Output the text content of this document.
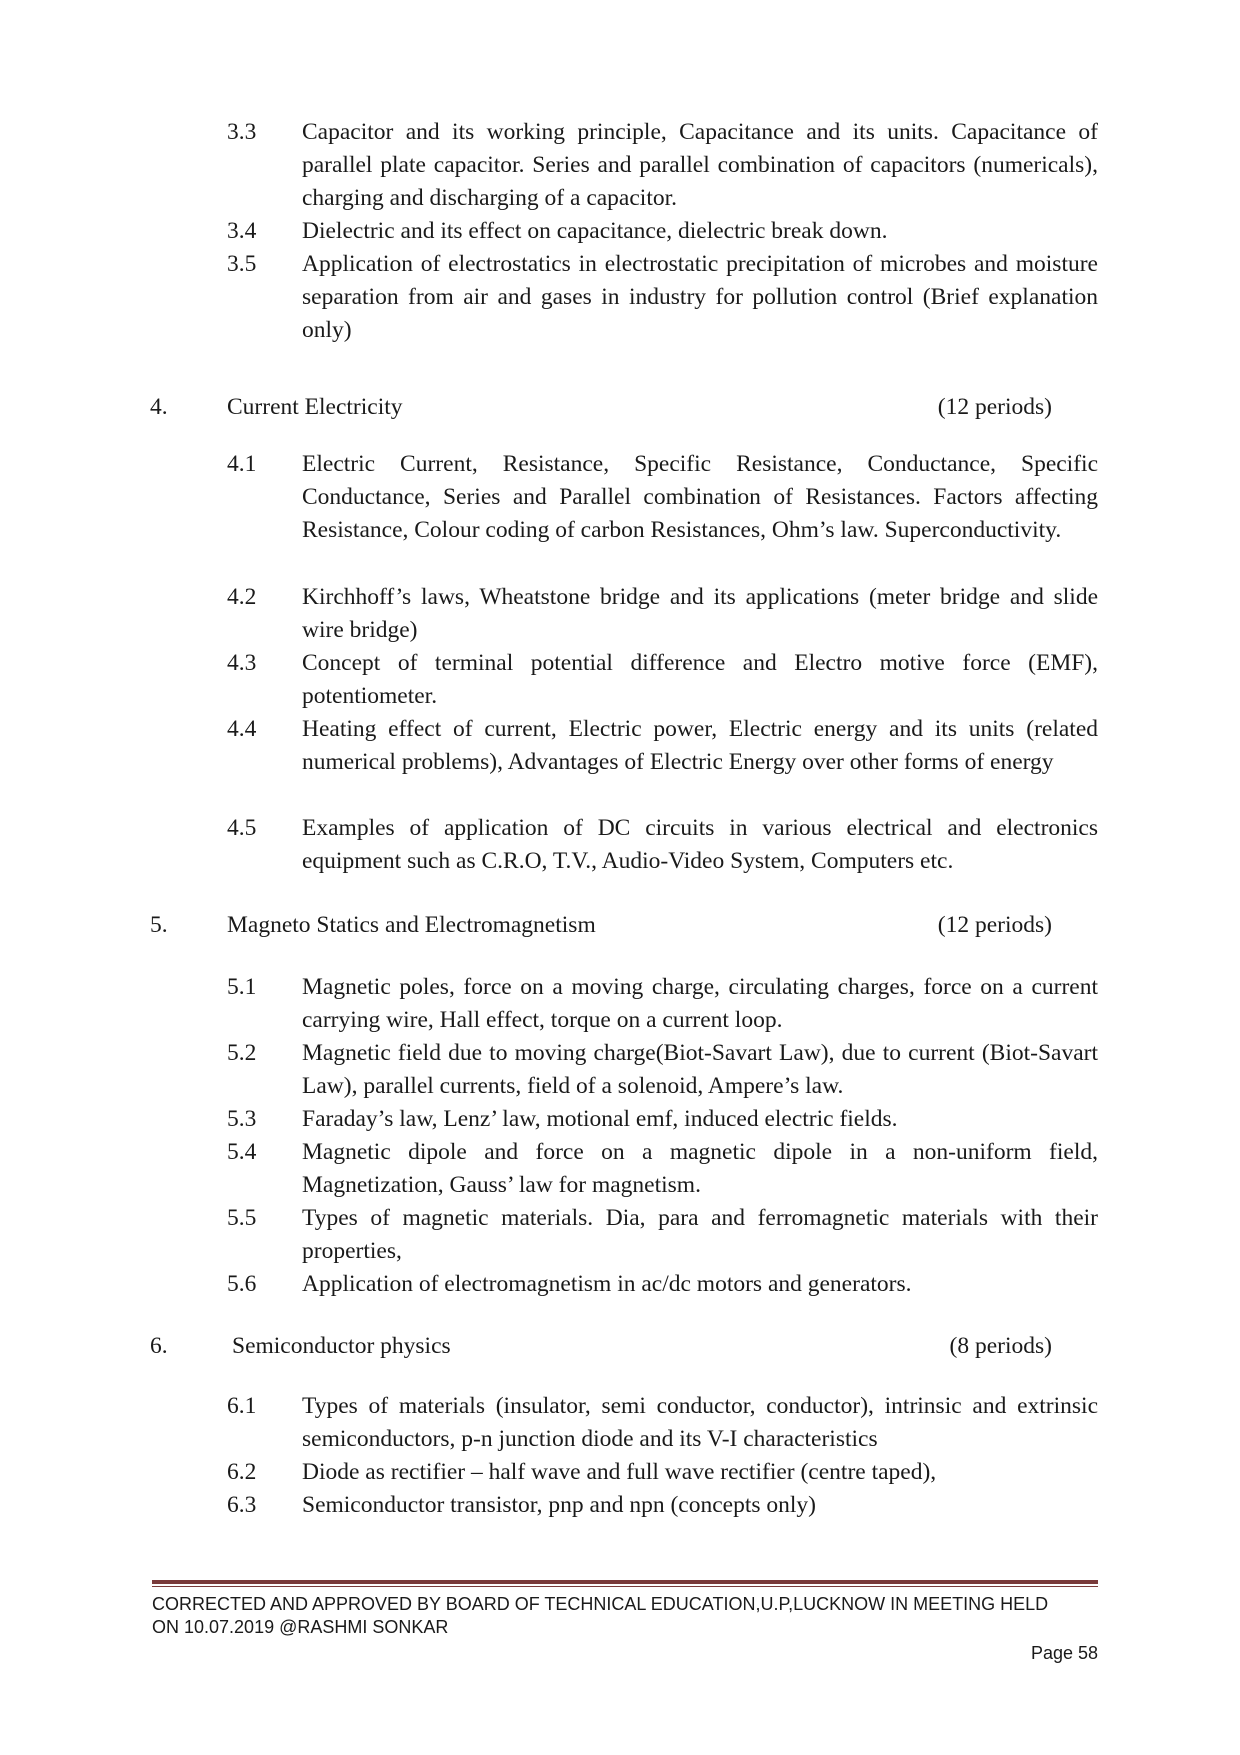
3.3	Capacitor and its working principle, Capacitance and its units. Capacitance of parallel plate capacitor. Series and parallel combination of capacitors (numericals), charging and discharging of a capacitor.
3.4	Dielectric and its effect on capacitance, dielectric break down.
3.5	Application of electrostatics in electrostatic precipitation of microbes and moisture separation from air and gases in industry for pollution control (Brief explanation only)
4.	Current Electricity	(12 periods)
4.1	Electric Current, Resistance, Specific Resistance, Conductance, Specific Conductance, Series and Parallel combination of Resistances. Factors affecting Resistance, Colour coding of carbon Resistances, Ohm’s law. Superconductivity.
4.2	Kirchhoff’s laws, Wheatstone bridge and its applications (meter bridge and slide wire bridge)
4.3	Concept of terminal potential difference and Electro motive force (EMF), potentiometer.
4.4	Heating effect of current, Electric power, Electric energy and its units (related numerical problems), Advantages of Electric Energy over other forms of energy
4.5	Examples of application of DC circuits in various electrical and electronics equipment such as C.R.O, T.V., Audio-Video System, Computers etc.
5.	Magneto Statics and Electromagnetism	(12 periods)
5.1	Magnetic poles, force on a moving charge, circulating charges, force on a current carrying wire, Hall effect, torque on a current loop.
5.2	Magnetic field due to moving charge(Biot-Savart Law), due to current (Biot-Savart Law), parallel currents, field of a solenoid, Ampere’s law.
5.3	Faraday’s law, Lenz’ law, motional emf, induced electric fields.
5.4	Magnetic dipole and force on a magnetic dipole in a non-uniform field, Magnetization, Gauss’ law for magnetism.
5.5	Types of magnetic materials. Dia, para and ferromagnetic materials with their properties,
5.6	Application of electromagnetism in ac/dc motors and generators.
6.	Semiconductor physics	(8 periods)
6.1	Types of materials (insulator, semi conductor, conductor), intrinsic and extrinsic semiconductors, p-n junction diode and its V-I characteristics
6.2	Diode as rectifier – half wave and full wave rectifier (centre taped),
6.3	Semiconductor transistor, pnp and npn (concepts only)
CORRECTED AND APPROVED BY BOARD OF TECHNICAL EDUCATION,U.P,LUCKNOW IN MEETING HELD
ON 10.07.2019 @RASHMI SONKAR
Page 58
